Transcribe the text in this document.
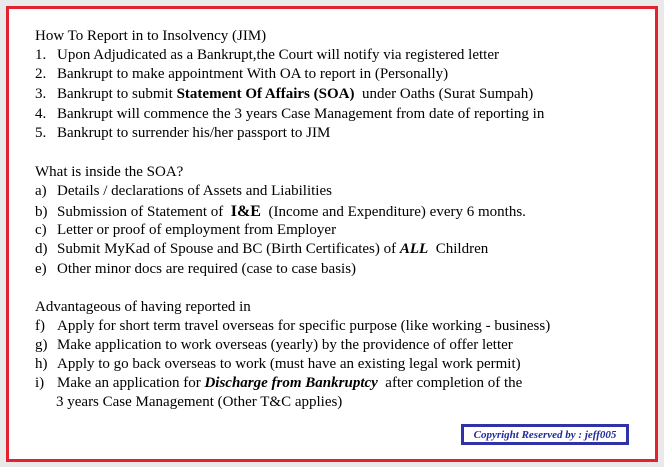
How To Report in to Insolvency (JIM)
1. Upon Adjudicated as a Bankrupt,the Court will notify via registered letter
2. Bankrupt to make appointment With OA to report in (Personally)
3. Bankrupt to submit Statement Of Affairs (SOA)  under Oaths (Surat Sumpah)
4. Bankrupt will commence the 3 years Case Management from date of reporting in
5. Bankrupt to surrender his/her passport to JIM
What is inside the SOA?
a) Details / declarations of Assets and Liabilities
b) Submission of Statement of  I&E  (Income and Expenditure) every 6 months.
c) Letter or proof of employment from Employer
d) Submit MyKad of Spouse and BC (Birth Certificates) of ALL  Children
e) Other minor docs are required (case to case basis)
Advantageous of having reported in
f) Apply for short term travel overseas for specific purpose (like working - business)
g) Make application to work overseas (yearly) by the providence of offer letter
h) Apply to go back overseas to work (must have an existing legal work permit)
i) Make an application for Discharge from Bankruptcy  after completion of the
3 years Case Management (Other T&C applies)
Copyright Reserved by : jeff005
